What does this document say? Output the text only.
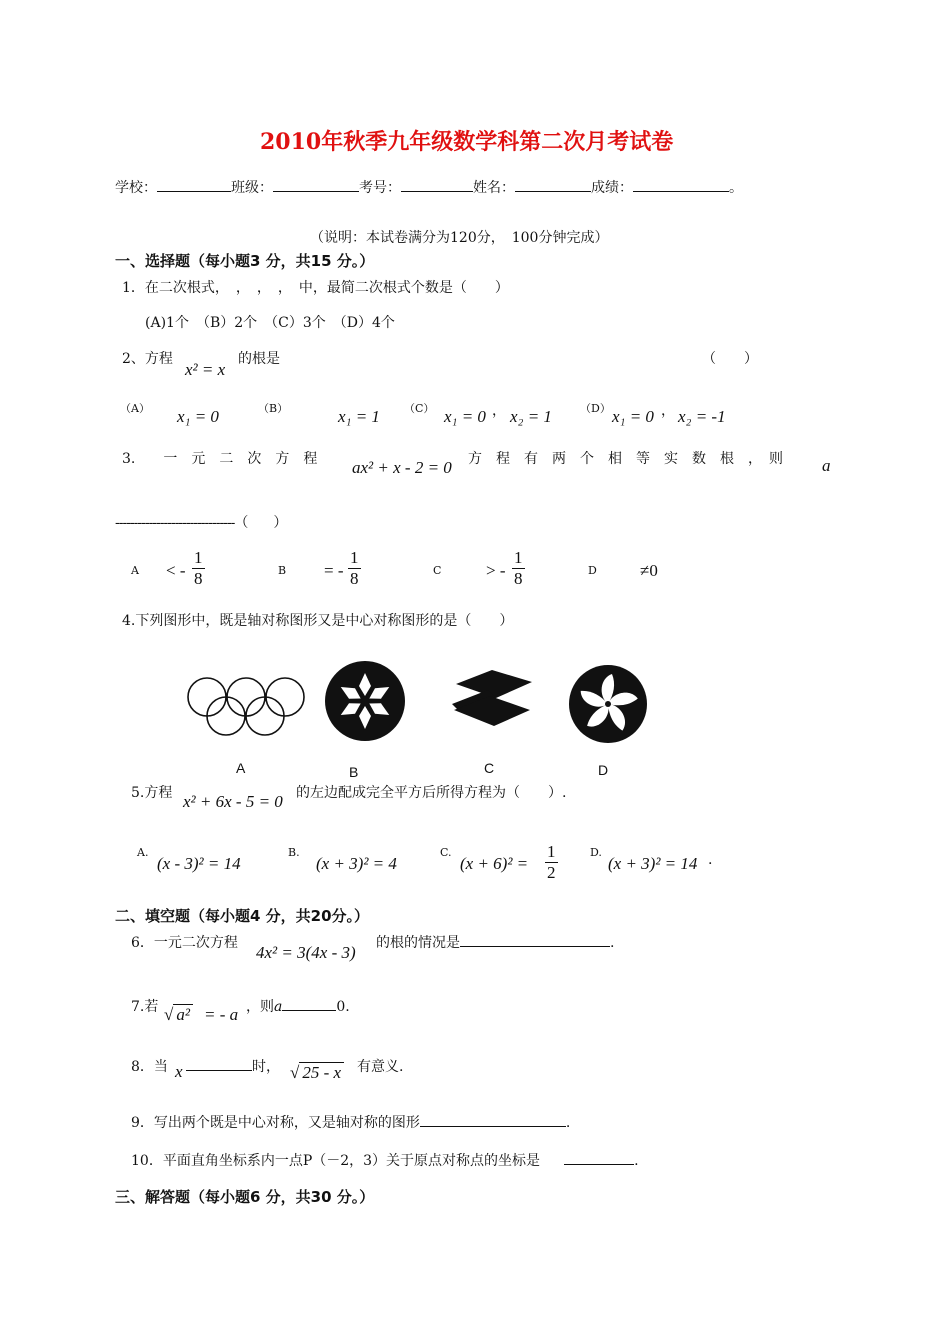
2010年秋季九年级数学科第二次月考试卷
学校：	班级：	考号：	姓名：	成绩：	。
（说明：本试卷满分为120分，　100分钟完成）
一、选择题（每小题3 分，共15 分。）
1．在二次根式，　，　，　，　中，最简二次根式个数是（　　）
(A)1个　（B）2个　（C）3个　（D）4个
2、方程
x² = x
的根是	（　　）
（A） x₁ = 0	（B）	x₁ = 1 （C） x₁ = 0 ， x₂ = 1	（D） x₁ = 0 ， x₂ = -1
3.　　一　元　二　次　方　程 ax² + x - 2 = 0 方　程　有　两　个　相　等　实　数　根　，　则 a
--------------------------------（　　）
A < - $\frac{1}{8}$	B = - $\frac{1}{8}$	C	> - $\frac{1}{8}$	D	≠0
4.下列图形中，既是轴对称图形又是中心对称图形的是（　　）
A	B	C	D
5.方程 x² + 6x - 5 = 0 的左边配成完全平方后所得方程为（　　）.
A.
(x - 3)² = 14
B.
(x + 3)² = 4
C.
$(x + 6)^2 = \frac{1}{2}$	D.
(x + 3)² = 14 .
二、填空题（每小题4 分，共20分。）
6．一元二次方程 4x² = 3(4x - 3) 的根的情况是	.
7.若 √ a² = - a ，则a	0.
8．当 x	时， √ 25 - x 有意义.
9．写出两个既是中心对称，又是轴对称的图形	.
10．平面直角坐标系内一点P（－2，3）关于原点对称点的坐标是	.
三、解答题（每小题6 分，共30 分。）
